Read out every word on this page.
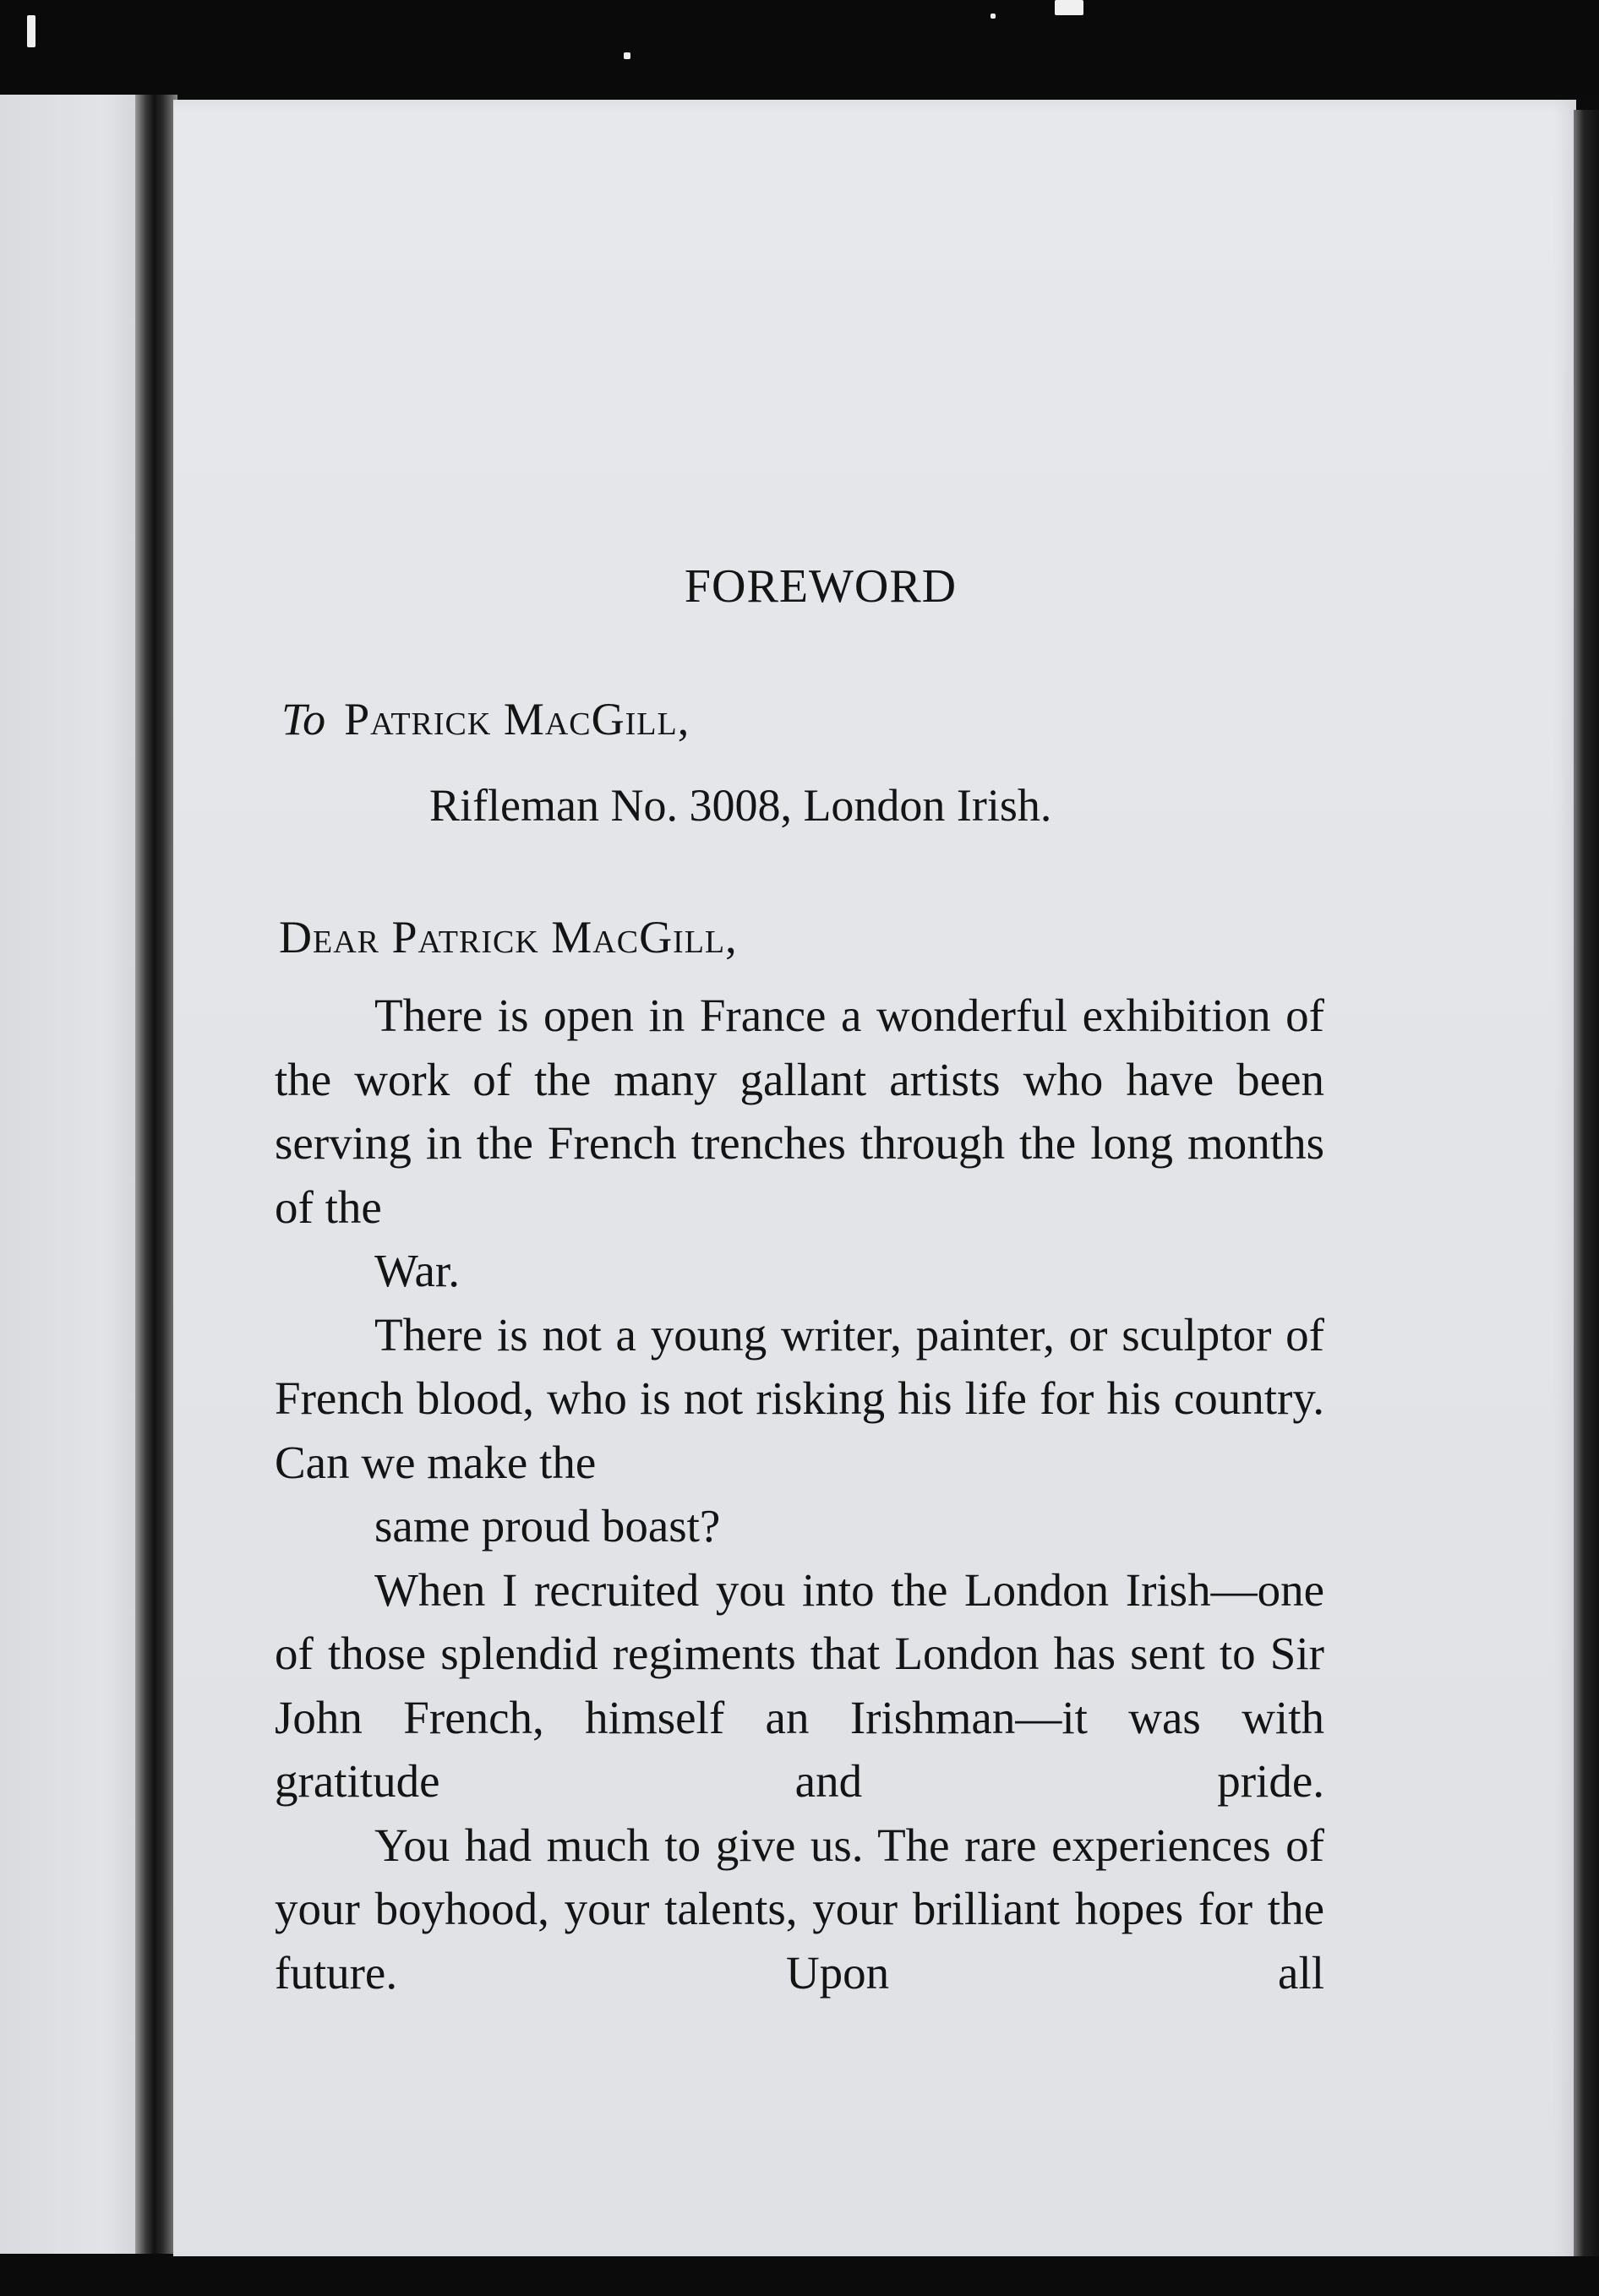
FOREWORD
To Patrick MacGill,
Rifleman No. 3008, London Irish.
Dear Patrick MacGill,

There is open in France a wonderful exhibition of the work of the many gallant artists who have been serving in the French trenches through the long months of the
War.

There is not a young writer, painter, or sculptor of French blood, who is not risking his life for his country. Can we make the
same proud boast?

When I recruited you into the London Irish—one of those splendid regiments that London has sent to Sir John French, himself an Irishman—it was with gratitude and pride.

You had much to give us. The rare experiences of your boyhood, your talents, your brilliant hopes for the future. Upon all
